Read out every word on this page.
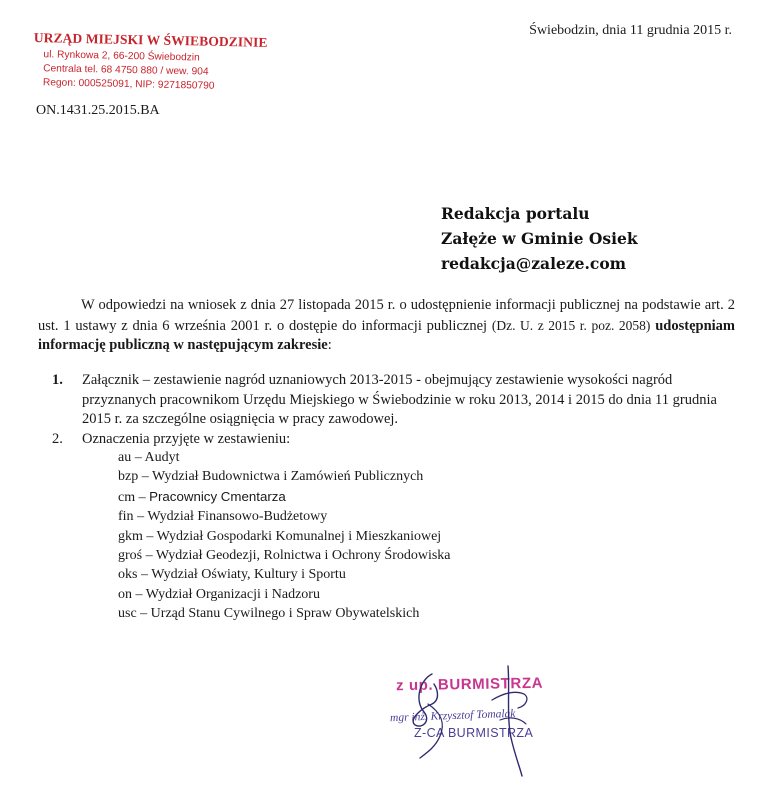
URZĄD MIEJSKI W ŚWIEBODZINIE
ul. Rynkowa 2, 66-200 Świebodzin
Centrala tel. 68 4750 880 / wew. 904
Regon: 000525091, NIP: 9271850790
Świebodzin, dnia 11 grudnia 2015 r.
ON.1431.25.2015.BA
Redakcja portalu
Załęże w Gminie Osiek
redakcja@zaleze.com
W odpowiedzi na wniosek z dnia 27 listopada 2015 r. o udostępnienie informacji publicznej na podstawie art. 2 ust. 1 ustawy z dnia 6 września 2001 r. o dostępie do informacji publicznej (Dz. U. z 2015 r. poz. 2058) udostępniam informację publiczną w następującym zakresie:
1.	Załącznik – zestawienie nagród uznaniowych 2013-2015 - obejmujący zestawienie wysokości nagród przyznanych pracownikom Urzędu Miejskiego w Świebodzinie w roku 2013, 2014 i 2015 do dnia 11 grudnia 2015 r. za szczególne osiągnięcia w pracy zawodowej.
2.	Oznaczenia przyjęte w zestawieniu:
au – Audyt
bzp – Wydział Budownictwa i Zamówień Publicznych
cm – Pracownicy Cmentarza
fin – Wydział Finansowo-Budżetowy
gkm – Wydział Gospodarki Komunalnej i Mieszkaniowej
groś – Wydział Geodezji, Rolnictwa i Ochrony Środowiska
oks – Wydział Oświaty, Kultury i Sportu
on – Wydział Organizacji i Nadzoru
usc – Urząd Stanu Cywilnego i Spraw Obywatelskich
z up. BURMISTRZA
mgr inż. Krzysztof Tomalak
Z-CA BURMISTRZA
